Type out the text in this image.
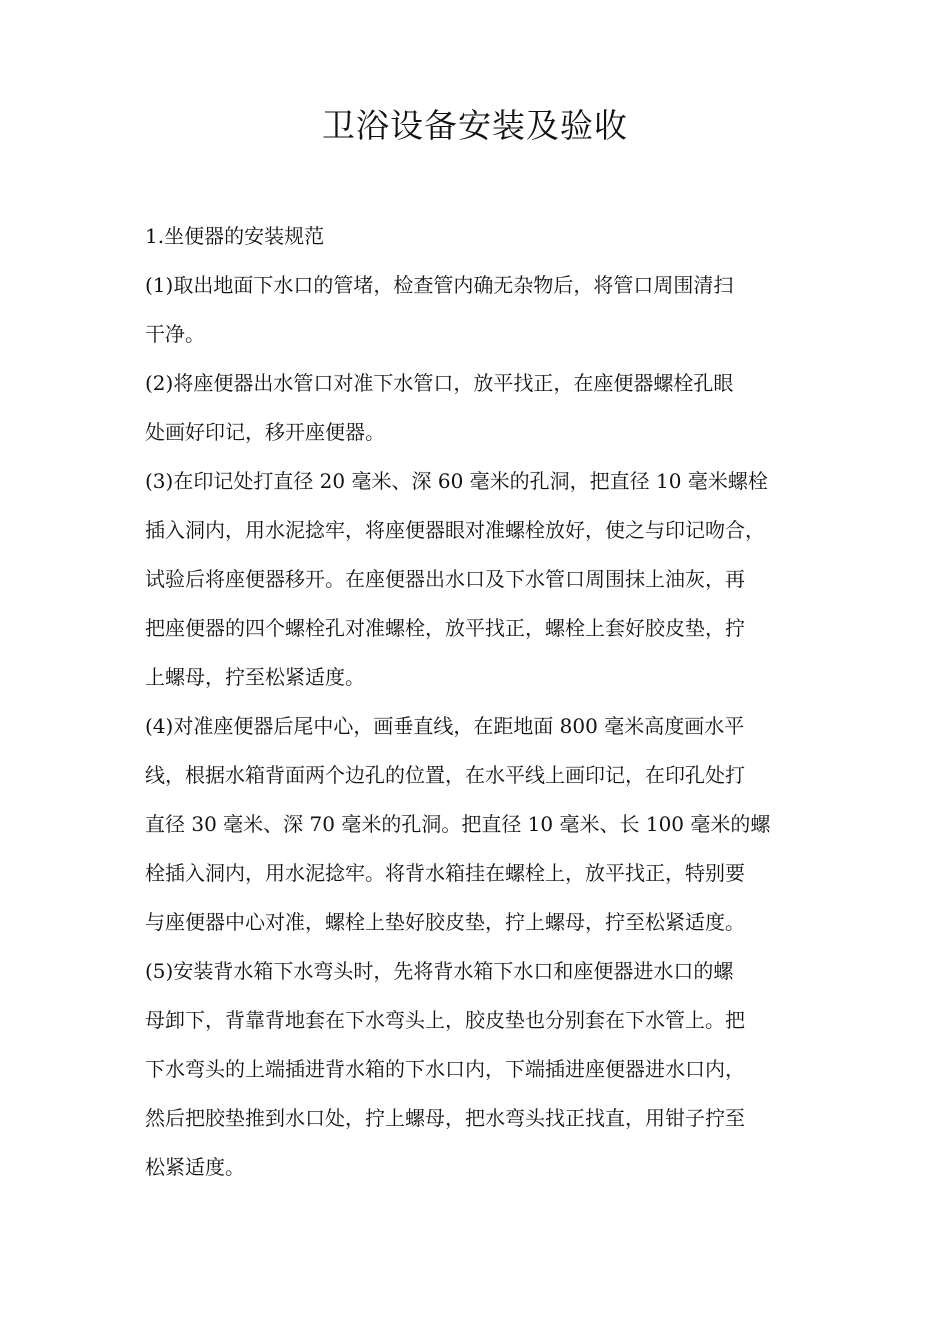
卫浴设备安装及验收

1.坐便器的安装规范

(1)取出地面下水口的管堵，检查管内确无杂物后，将管口周围清扫
干净。

(2)将座便器出水管口对准下水管口，放平找正，在座便器螺栓孔眼
处画好印记，移开座便器。

(3)在印记处打直径 20 毫米、深 60 毫米的孔洞，把直径 10 毫米螺栓
插入洞内，用水泥捻牢，将座便器眼对准螺栓放好，使之与印记吻合，
试验后将座便器移开。在座便器出水口及下水管口周围抹上油灰，再
把座便器的四个螺栓孔对准螺栓，放平找正，螺栓上套好胶皮垫，拧
上螺母，拧至松紧适度。

(4)对准座便器后尾中心，画垂直线，在距地面 800 毫米高度画水平
线，根据水箱背面两个边孔的位置，在水平线上画印记，在印孔处打
直径 30 毫米、深 70 毫米的孔洞。把直径 10 毫米、长 100 毫米的螺
栓插入洞内，用水泥捻牢。将背水箱挂在螺栓上，放平找正，特别要
与座便器中心对准，螺栓上垫好胶皮垫，拧上螺母，拧至松紧适度。

(5)安装背水箱下水弯头时，先将背水箱下水口和座便器进水口的螺
母卸下，背靠背地套在下水弯头上，胶皮垫也分别套在下水管上。把
下水弯头的上端插进背水箱的下水口内，下端插进座便器进水口内，
然后把胶垫推到水口处，拧上螺母，把水弯头找正找直，用钳子拧至
松紧适度。
